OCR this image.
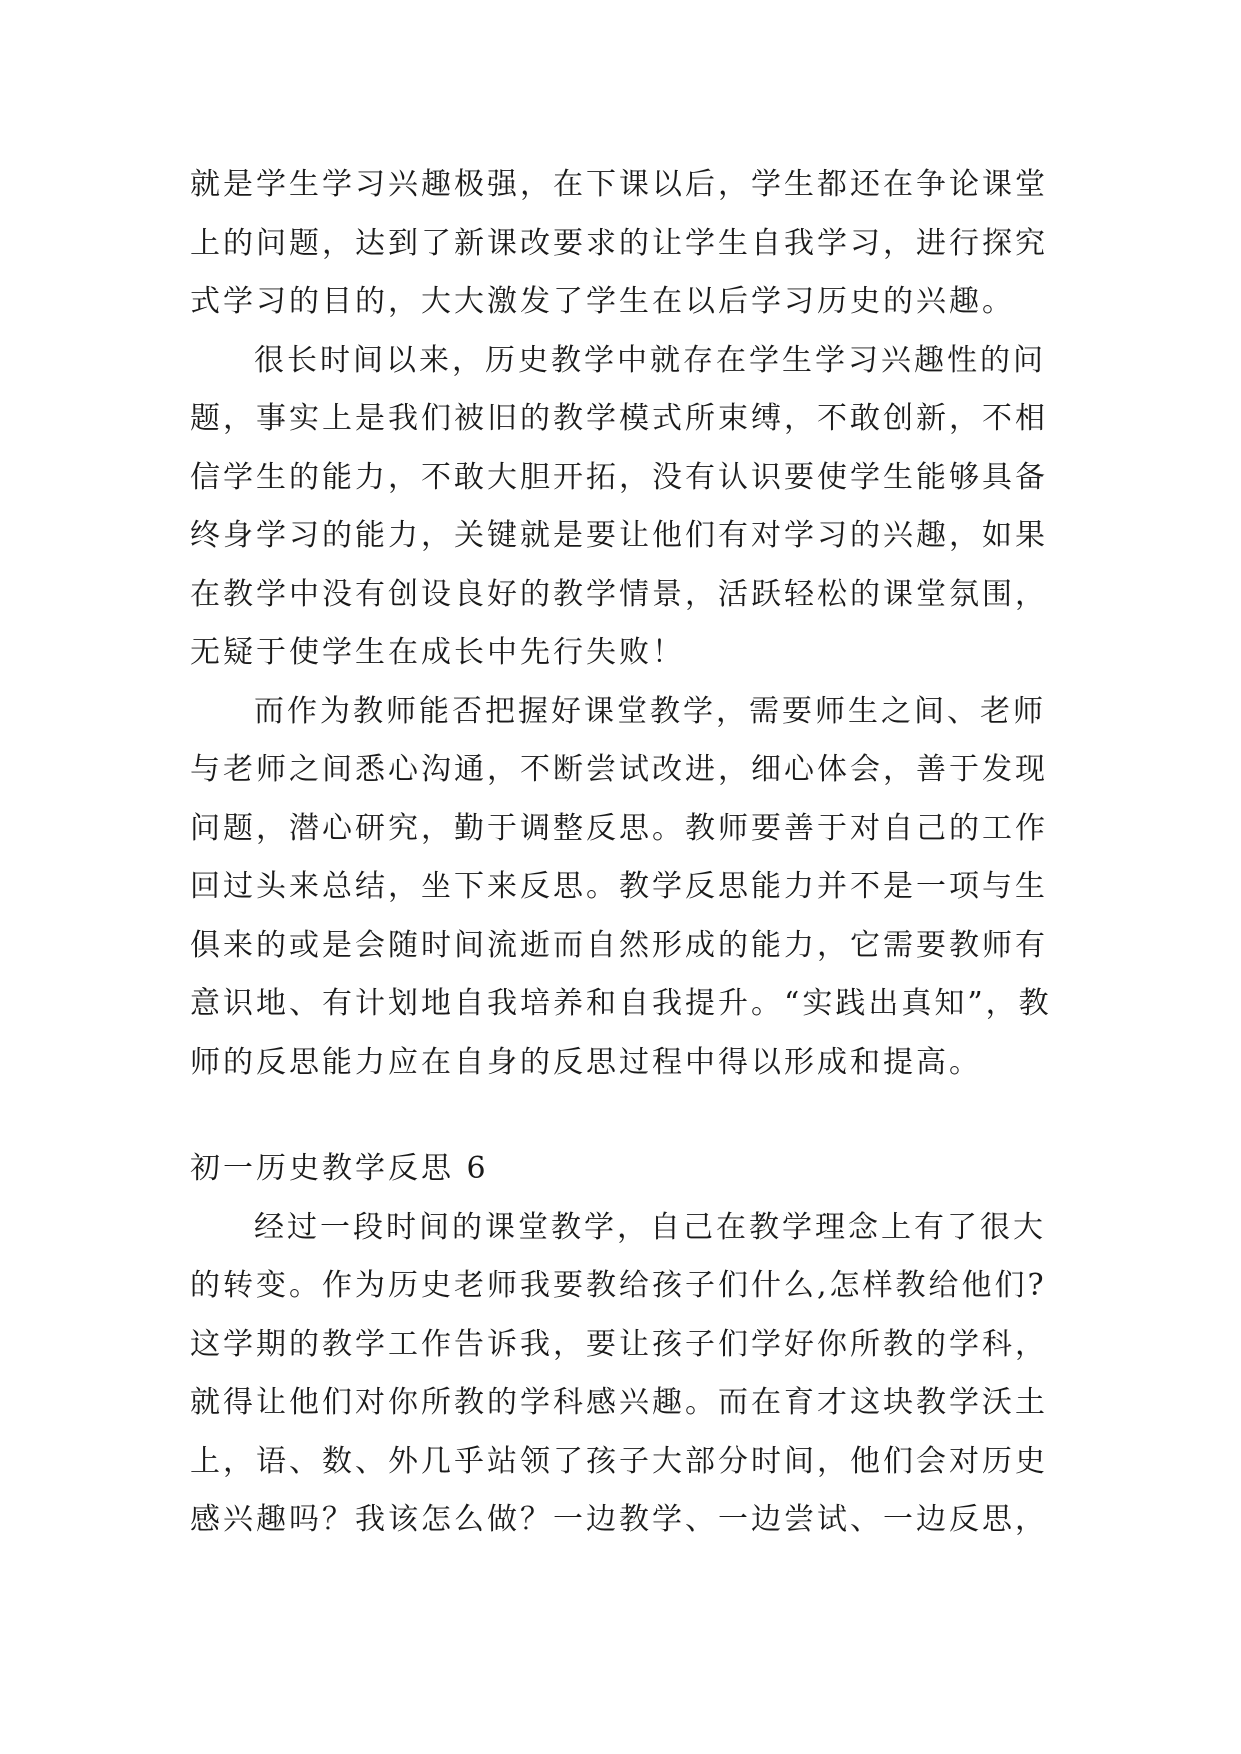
就是学生学习兴趣极强，在下课以后，学生都还在争论课堂
上的问题，达到了新课改要求的让学生自我学习，进行探究
式学习的目的，大大激发了学生在以后学习历史的兴趣。
很长时间以来，历史教学中就存在学生学习兴趣性的问
题，事实上是我们被旧的教学模式所束缚，不敢创新，不相
信学生的能力，不敢大胆开拓，没有认识要使学生能够具备
终身学习的能力，关键就是要让他们有对学习的兴趣，如果
在教学中没有创设良好的教学情景，活跃轻松的课堂氛围，
无疑于使学生在成长中先行失败！
而作为教师能否把握好课堂教学，需要师生之间、老师
与老师之间悉心沟通，不断尝试改进，细心体会，善于发现
问题，潜心研究，勤于调整反思。教师要善于对自己的工作
回过头来总结，坐下来反思。教学反思能力并不是一项与生
俱来的或是会随时间流逝而自然形成的能力，它需要教师有
意识地、有计划地自我培养和自我提升。“实践出真知”，教
师的反思能力应在自身的反思过程中得以形成和提高。
初一历史教学反思 6
经过一段时间的课堂教学，自己在教学理念上有了很大
的转变。作为历史老师我要教给孩子们什么,怎样教给他们?
这学期的教学工作告诉我，要让孩子们学好你所教的学科，
就得让他们对你所教的学科感兴趣。而在育才这块教学沃土
上，语、数、外几乎站领了孩子大部分时间，他们会对历史
感兴趣吗？我该怎么做？一边教学、一边尝试、一边反思，
